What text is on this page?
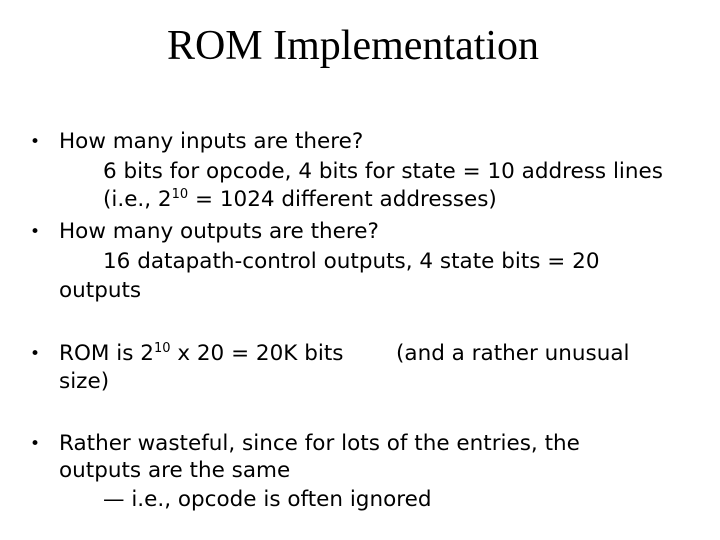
ROM Implementation
• How many inputs are there?
6 bits for opcode, 4 bits for state = 10 address lines
(i.e., $2^{10} = 1024$ different addresses)
• How many outputs are there?
16 datapath-control outputs, 4 state bits = 20
outputs
• ROM is $2^{10}$ x 20 = 20K bits (and a rather unusual
size)
• Rather wasteful, since for lots of the entries, the
outputs are the same
— i.e., opcode is often ignored
